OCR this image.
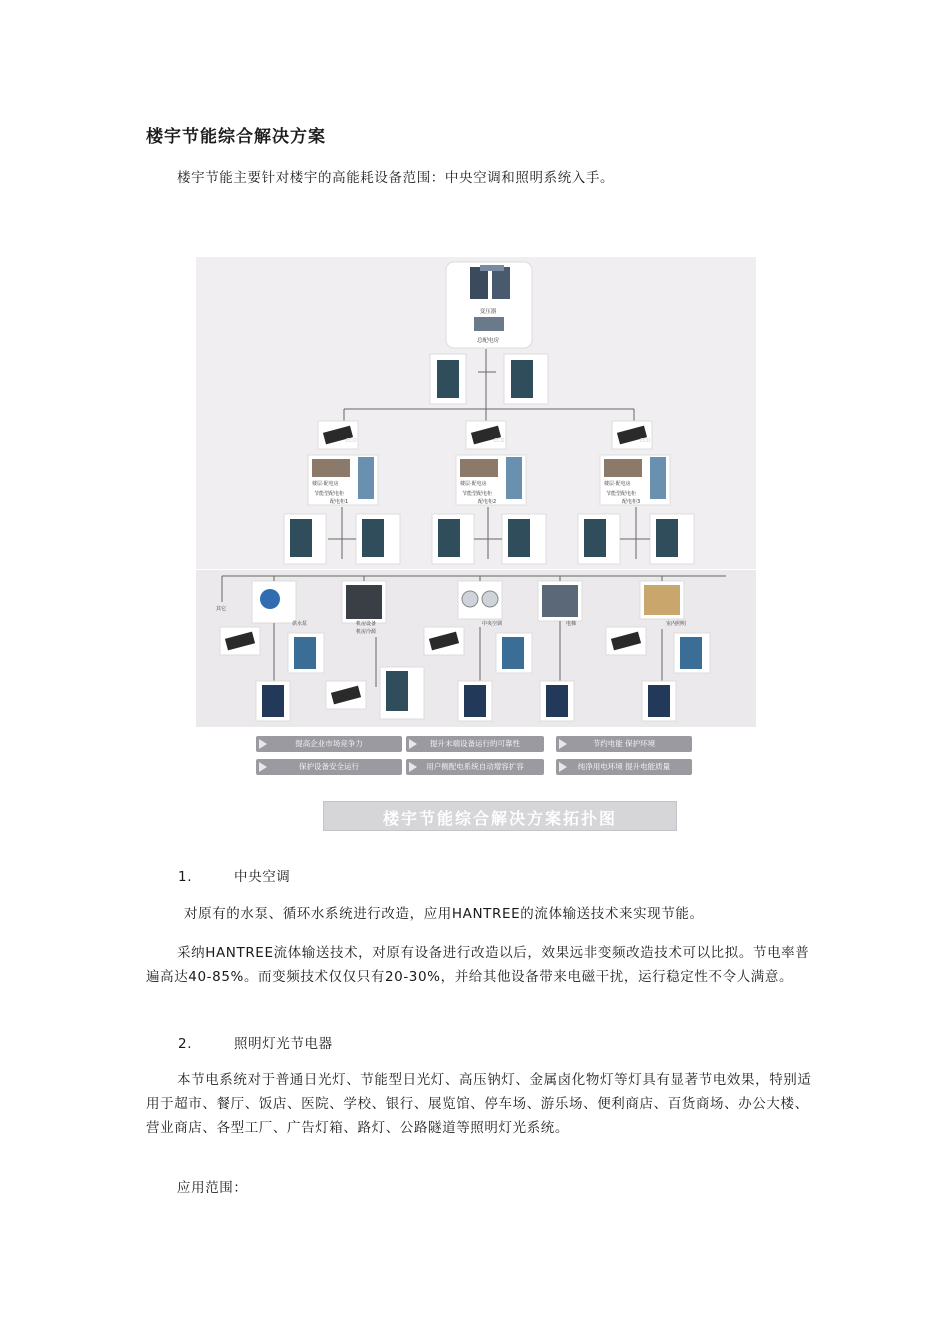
楼宇节能综合解决方案
楼宇节能主要针对楼宇的高能耗设备范围：中央空调和照明系统入手。
变压器
总配电房
ECO
楼层·配电房
节能型配电柜
配电柜1
ECO
楼层·配电房
节能型配电柜
配电柜2
ECO
楼层·配电房
节能型配电柜
配电柜3
其它
供水泵	机房设备
机房冷源
中央空调	电梯	室内照明
提高企业市场竞争力	提升末端设备运行的可靠性	节约电能 保护环境
保护设备安全运行	用户侧配电系统自动增容扩容	纯净用电环境 提升电能质量
楼宇节能综合解决方案拓扑图
1.	中央空调
对原有的水泵、循环水系统进行改造，应用HANTREE的流体输送技术来实现节能。
采纳HANTREE流体输送技术，对原有设备进行改造以后，效果远非变频改造技术可以比拟。节电率普遍高达40-85%。而变频技术仅仅只有20-30%，并给其他设备带来电磁干扰，运行稳定性不令人满意。
2.	照明灯光节电器
本节电系统对于普通日光灯、节能型日光灯、高压钠灯、金属卤化物灯等灯具有显著节电效果，特别适用于超市、餐厅、饭店、医院、学校、银行、展览馆、停车场、游乐场、便利商店、百货商场、办公大楼、营业商店、各型工厂、广告灯箱、路灯、公路隧道等照明灯光系统。
应用范围：
